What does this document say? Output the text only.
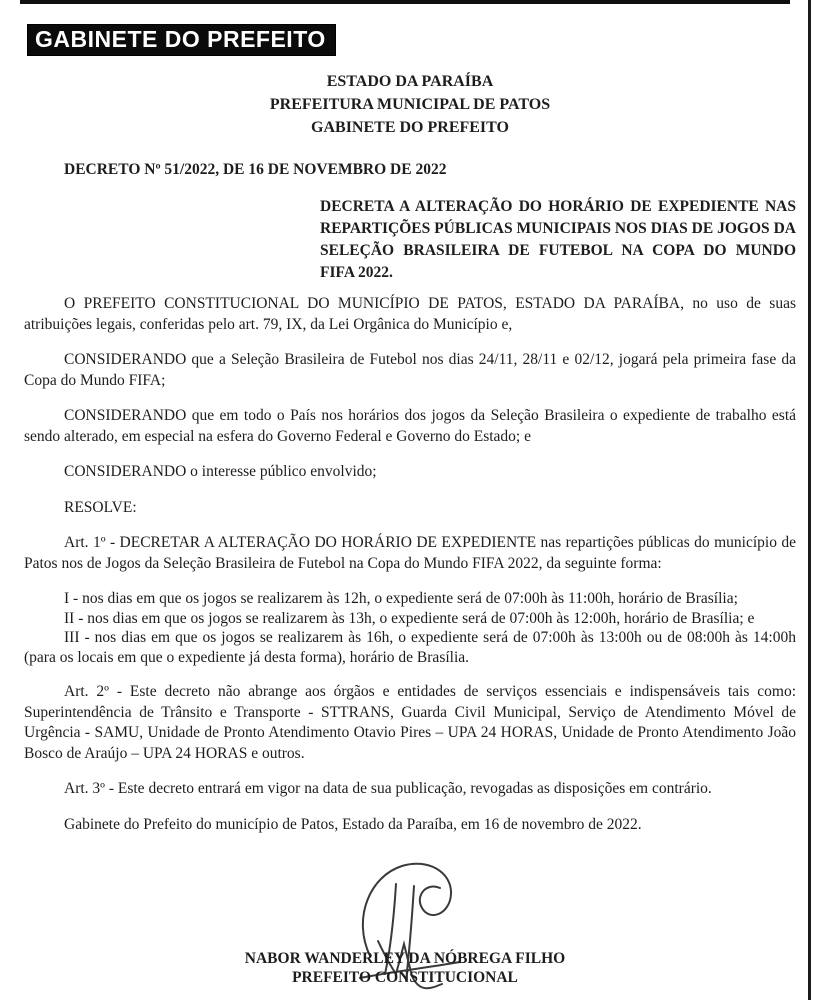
GABINETE DO PREFEITO
ESTADO DA PARAÍBA
PREFEITURA MUNICIPAL DE PATOS
GABINETE DO PREFEITO
DECRETO Nº 51/2022, DE 16 DE NOVEMBRO DE 2022
DECRETA A ALTERAÇÃO DO HORÁRIO DE EXPEDIENTE NAS REPARTIÇÕES PÚBLICAS MUNICIPAIS NOS DIAS DE JOGOS DA SELEÇÃO BRASILEIRA DE FUTEBOL NA COPA DO MUNDO FIFA 2022.

O PREFEITO CONSTITUCIONAL DO MUNICÍPIO DE PATOS, ESTADO DA PARAÍBA, no uso de suas atribuições legais, conferidas pelo art. 79, IX, da Lei Orgânica do Município e,

CONSIDERANDO que a Seleção Brasileira de Futebol nos dias 24/11, 28/11 e 02/12, jogará pela primeira fase da Copa do Mundo FIFA;

CONSIDERANDO que em todo o País nos horários dos jogos da Seleção Brasileira o expediente de trabalho está sendo alterado, em especial na esfera do Governo Federal e Governo do Estado; e

CONSIDERANDO o interesse público envolvido;

RESOLVE:

Art. 1º - DECRETAR A ALTERAÇÃO DO HORÁRIO DE EXPEDIENTE nas repartições públicas do município de Patos nos de Jogos da Seleção Brasileira de Futebol na Copa do Mundo FIFA 2022, da seguinte forma:

I - nos dias em que os jogos se realizarem às 12h, o expediente será de 07:00h às 11:00h, horário de Brasília;

II - nos dias em que os jogos se realizarem às 13h, o expediente será de 07:00h às 12:00h, horário de Brasília; e

III - nos dias em que os jogos se realizarem às 16h, o expediente será de 07:00h às 13:00h ou de 08:00h às 14:00h (para os locais em que o expediente já desta forma), horário de Brasília.

Art. 2º - Este decreto não abrange aos órgãos e entidades de serviços essenciais e indispensáveis tais como: Superintendência de Trânsito e Transporte - STTRANS, Guarda Civil Municipal, Serviço de Atendimento Móvel de Urgência - SAMU, Unidade de Pronto Atendimento Otavio Pires – UPA 24 HORAS, Unidade de Pronto Atendimento João Bosco de Araújo – UPA 24 HORAS e outros.

Art. 3º - Este decreto entrará em vigor na data de sua publicação, revogadas as disposições em contrário.

Gabinete do Prefeito do município de Patos, Estado da Paraíba, em 16 de novembro de 2022.

NABOR WANDERLEY DA NÓBREGA FILHO
PREFEITO CONSTITUCIONAL
